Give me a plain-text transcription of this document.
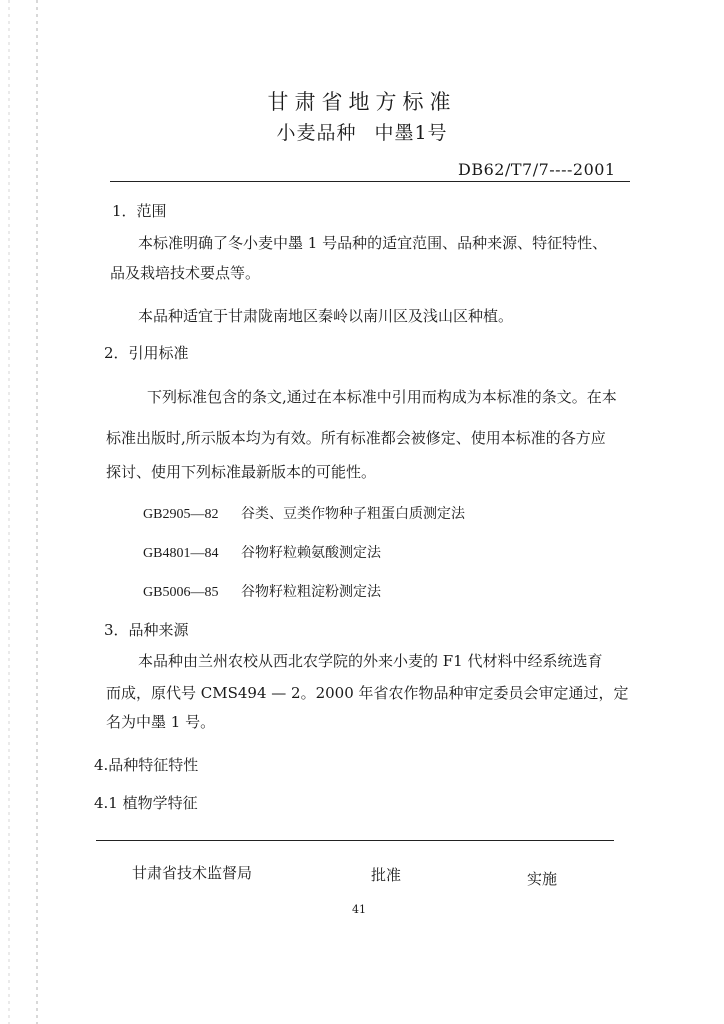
甘肃省地方标准
小麦品种 中墨1号
DB62/T7/7----2001
1．范围
本标准明确了冬小麦中墨 1 号品种的适宜范围、品种来源、特征特性、
品及栽培技术要点等。
本品种适宜于甘肃陇南地区秦岭以南川区及浅山区种植。
2．引用标准
下列标准包含的条文,通过在本标准中引用而构成为本标准的条文。在本
标准出版时,所示版本均为有效。所有标准都会被修定、使用本标准的各方应
探讨、使用下列标准最新版本的可能性。
GB2905—82 谷类、豆类作物种子粗蛋白质测定法
GB4801—84 谷物籽粒赖氨酸测定法
GB5006—85 谷物籽粒粗淀粉测定法
3．品种来源
本品种由兰州农校从西北农学院的外来小麦的 F1 代材料中经系统选育
而成，原代号 CMS494 — 2。2000 年省农作物品种审定委员会审定通过，定
名为中墨 1 号。
4.品种特征特性
4.1 植物学特征
甘肃省技术监督局	批准	实施
41
